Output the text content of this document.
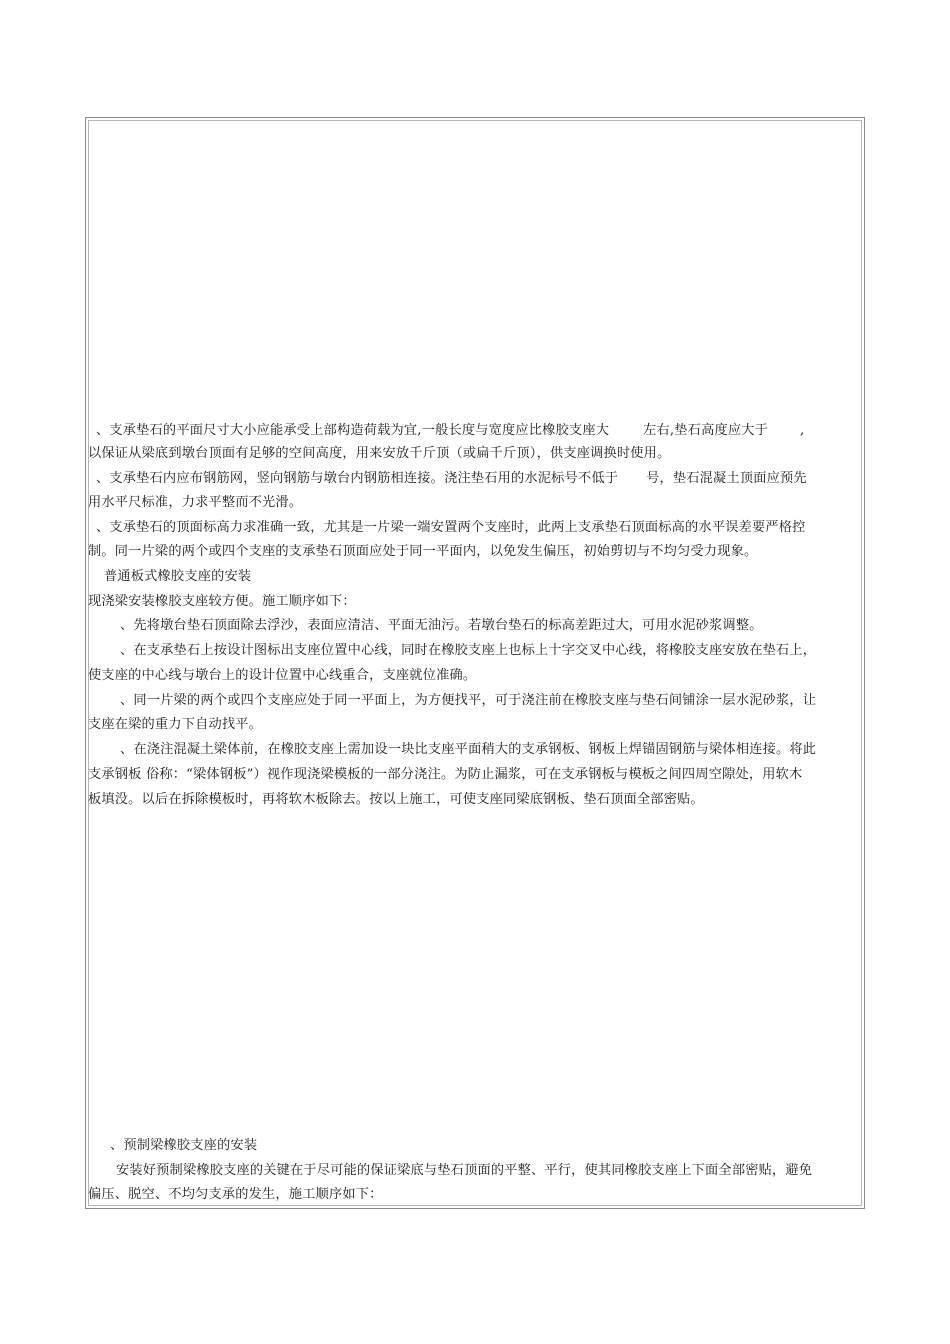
、支承垫石的平面尺寸大小应能承受上部构造荷载为宜,一般长度与宽度应比橡胶支座大	左右,垫石高度应大于 ,
以保证从梁底到墩台顶面有足够的空间高度，用来安放千斤顶（或扁千斤顶），供支座调换时使用。
、支承垫石内应布钢筋网，竖向钢筋与墩台内钢筋相连接。浇注垫石用的水泥标号不低于 号，垫石混凝土顶面应预先
用水平尺标准，力求平整而不光滑。
、支承垫石的顶面标高力求准确一致，尤其是一片梁一端安置两个支座时，此两上支承垫石顶面标高的水平误差要严格控
制。同一片梁的两个或四个支座的支承垫石顶面应处于同一平面内，以免发生偏压，初始剪切与不均匀受力现象。
普通板式橡胶支座的安装
现浇梁安装橡胶支座较方便。施工顺序如下：
、先将墩台垫石顶面除去浮沙，表面应清洁、平面无油污。若墩台垫石的标高差距过大，可用水泥砂浆调整。
、在支承垫石上按设计图标出支座位置中心线，同时在橡胶支座上也标上十字交叉中心线，将橡胶支座安放在垫石上，
使支座的中心线与墩台上的设计位置中心线重合，支座就位准确。
、同一片梁的两个或四个支座应处于同一平面上，为方便找平，可于浇注前在橡胶支座与垫石间铺涂一层水泥砂浆，让
支座在梁的重力下自动找平。
、在浇注混凝土梁体前，在橡胶支座上需加设一块比支座平面稍大的支承钢板、钢板上焊锚固钢筋与梁体相连接。将此
支承钢板 俗称：“梁体钢板”）视作现浇梁模板的一部分浇注。为防止漏浆，可在支承钢板与模板之间四周空隙处，用软木
板填没。以后在拆除模板时，再将软木板除去。按以上施工，可使支座同梁底钢板、垫石顶面全部密贴。
、预制梁橡胶支座的安装
安装好预制梁橡胶支座的关键在于尽可能的保证梁底与垫石顶面的平整、平行，使其同橡胶支座上下面全部密贴，避免
偏压、脱空、不均匀支承的发生，施工顺序如下：
